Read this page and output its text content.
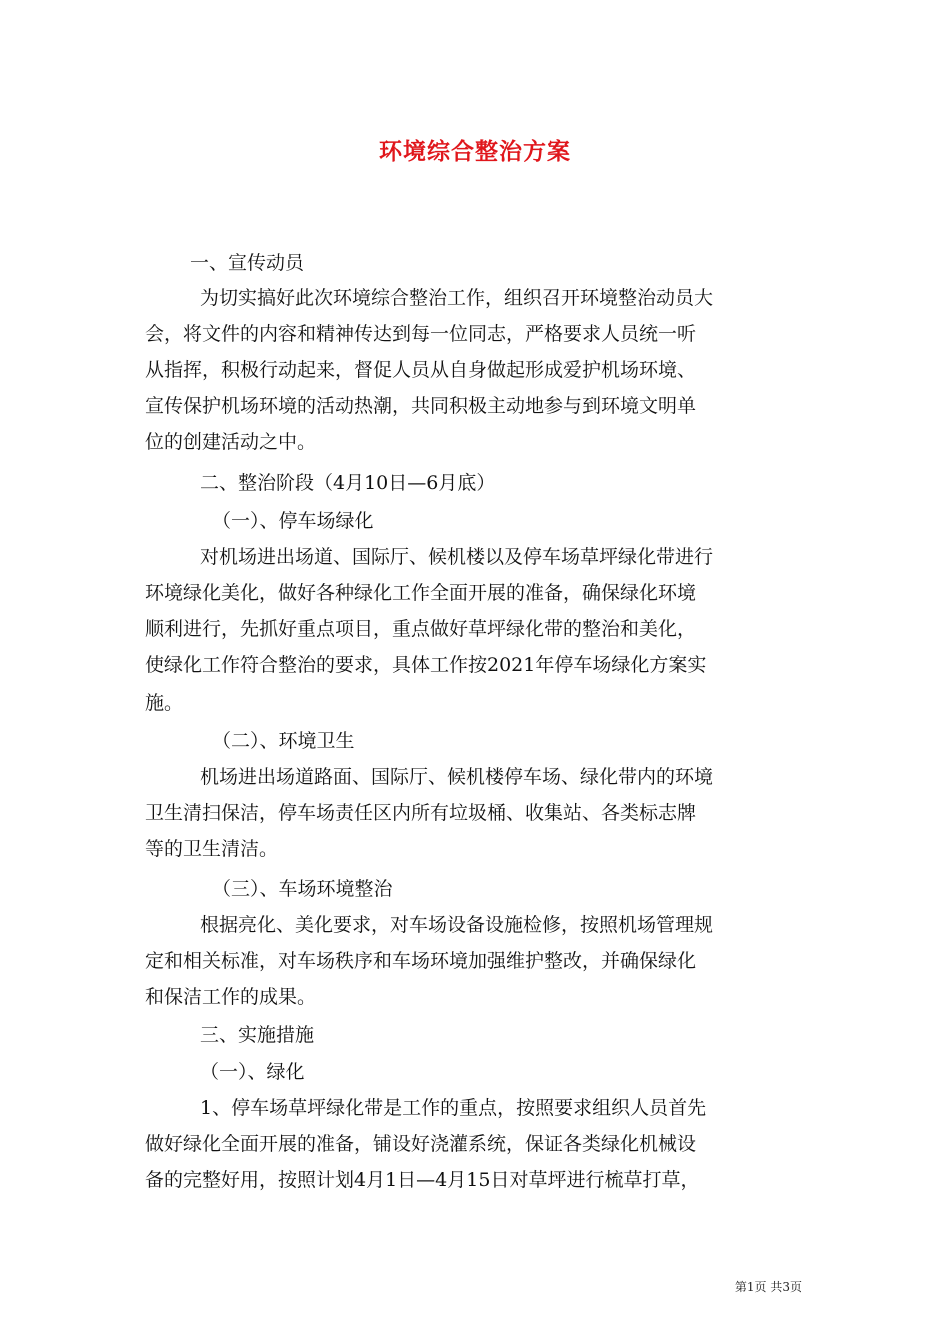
环境综合整治方案
一、宣传动员
为切实搞好此次环境综合整治工作，组织召开环境整治动员大
会，将文件的内容和精神传达到每一位同志，严格要求人员统一听
从指挥，积极行动起来，督促人员从自身做起形成爱护机场环境、
宣传保护机场环境的活动热潮，共同积极主动地参与到环境文明单
位的创建活动之中。
二、整治阶段（4月10日—6月底）
（一）、停车场绿化
对机场进出场道、国际厅、候机楼以及停车场草坪绿化带进行
环境绿化美化，做好各种绿化工作全面开展的准备，确保绿化环境
顺利进行，先抓好重点项目，重点做好草坪绿化带的整治和美化，
使绿化工作符合整治的要求，具体工作按2021年停车场绿化方案实
施。
（二）、环境卫生
机场进出场道路面、国际厅、候机楼停车场、绿化带内的环境
卫生清扫保洁，停车场责任区内所有垃圾桶、收集站、各类标志牌
等的卫生清洁。
（三）、车场环境整治
根据亮化、美化要求，对车场设备设施检修，按照机场管理规
定和相关标准，对车场秩序和车场环境加强维护整改，并确保绿化
和保洁工作的成果。
三、实施措施
（一）、绿化
1、停车场草坪绿化带是工作的重点，按照要求组织人员首先
做好绿化全面开展的准备，铺设好浇灌系统，保证各类绿化机械设
备的完整好用，按照计划4月1日—4月15日对草坪进行梳草打草，
第1页 共3页
